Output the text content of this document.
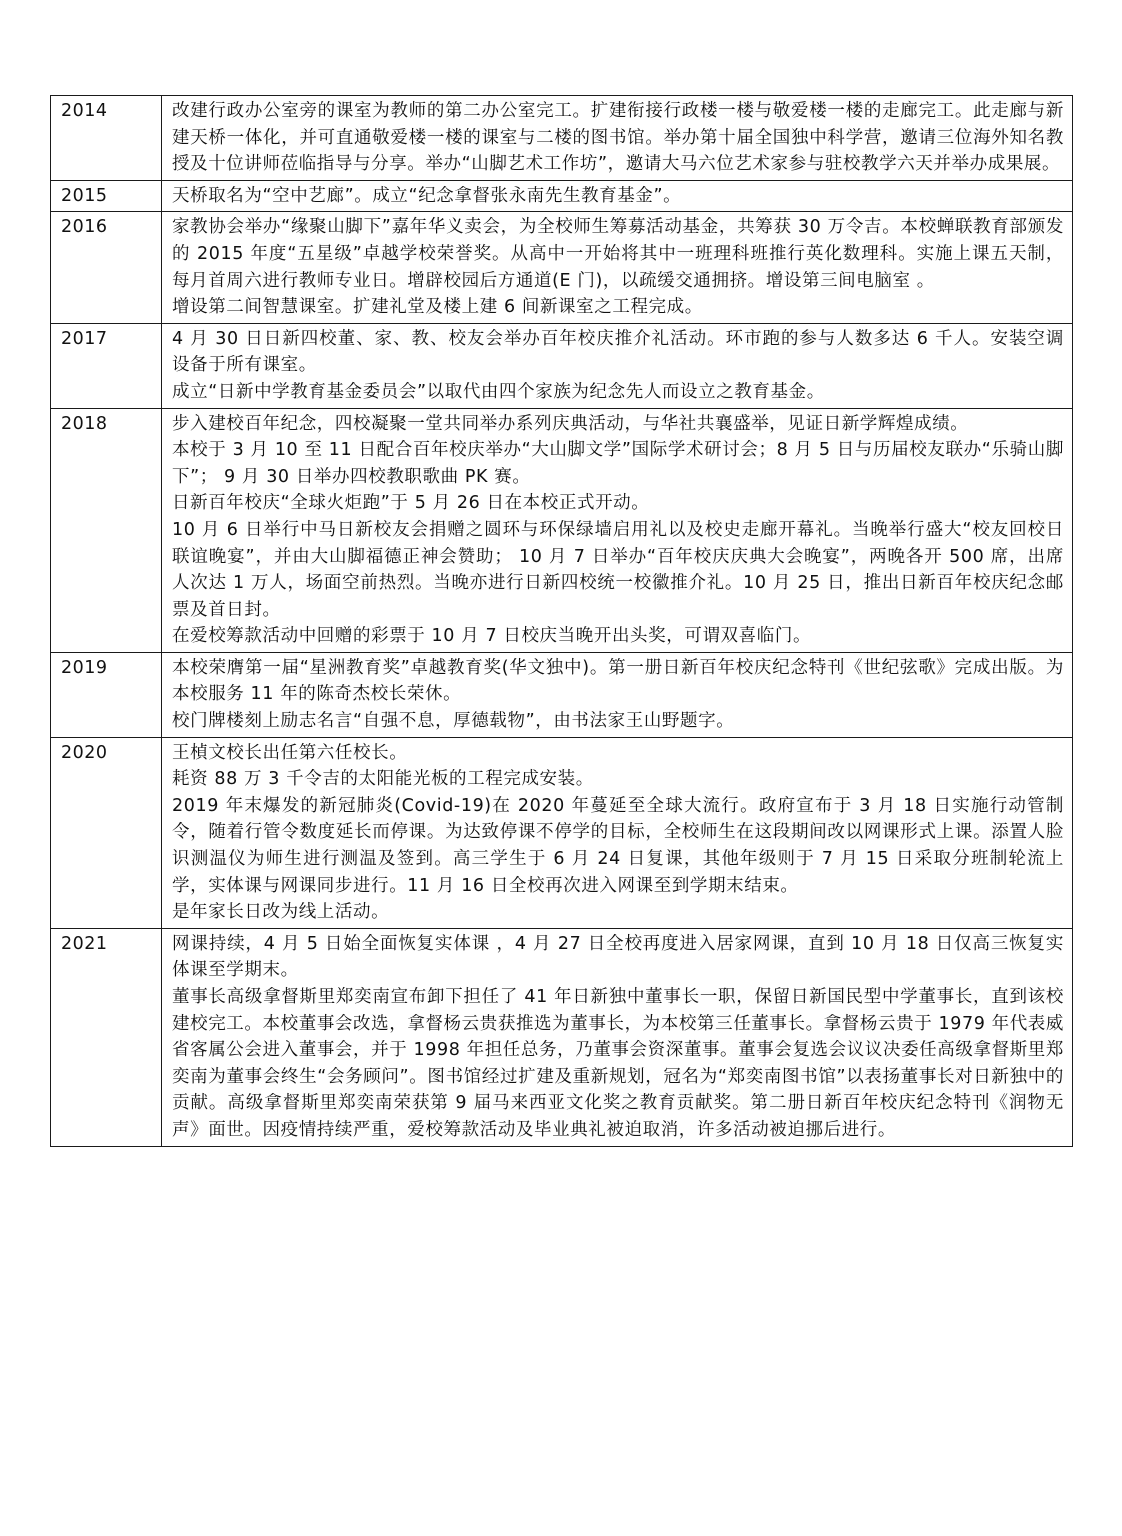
2014	改建行政办公室旁的课室为教师的第二办公室完工。扩建衔接行政楼一楼与敬爱楼一楼的走廊完工。此走廊与新建天桥一体化，并可直通敬爱楼一楼的课室与二楼的图书馆。举办第十届全国独中科学营，邀请三位海外知名教授及十位讲师莅临指导与分享。举办“山脚艺术工作坊”，邀请大马六位艺术家参与驻校教学六天并举办成果展。

2015	天桥取名为“空中艺廊”。成立“纪念拿督张永南先生教育基金”。

2016	家教协会举办“缘聚山脚下”嘉年华义卖会，为全校师生筹募活动基金，共筹获 30 万令吉。本校蝉联教育部颁发的 2015 年度“五星级”卓越学校荣誉奖。从高中一开始将其中一班理科班推行英化数理科。实施上课五天制，每月首周六进行教师专业日。增辟校园后方通道(E 门)，以疏缓交通拥挤。增设第三间电脑室 。
增设第二间智慧课室。扩建礼堂及楼上建 6 间新课室之工程完成。

2017	4 月 30 日日新四校董、家、教、校友会举办百年校庆推介礼活动。环市跑的参与人数多达 6 千人。安装空调设备于所有课室。
成立“日新中学教育基金委员会”以取代由四个家族为纪念先人而设立之教育基金。

2018	步入建校百年纪念，四校凝聚一堂共同举办系列庆典活动，与华社共襄盛举，见证日新学辉煌成绩。
本校于 3 月 10 至 11 日配合百年校庆举办“大山脚文学”国际学术研讨会；8 月 5 日与历届校友联办“乐骑山脚下”； 9 月 30 日举办四校教职歌曲 PK 赛。
日新百年校庆“全球火炬跑”于 5 月 26 日在本校正式开动。
10 月 6 日举行中马日新校友会捐赠之圆环与环保绿墙启用礼以及校史走廊开幕礼。当晚举行盛大“校友回校日联谊晚宴”，并由大山脚福德正神会赞助； 10 月 7 日举办“百年校庆庆典大会晚宴”，两晚各开 500 席，出席人次达 1 万人，场面空前热烈。当晚亦进行日新四校统一校徽推介礼。10 月 25 日，推出日新百年校庆纪念邮票及首日封。
在爱校筹款活动中回赠的彩票于 10 月 7 日校庆当晚开出头奖，可谓双喜临门。

2019	本校荣膺第一届“星洲教育奖”卓越教育奖(华文独中)。第一册日新百年校庆纪念特刊《世纪弦歌》完成出版。为本校服务 11 年的陈奇杰校长荣休。
校门牌楼刻上励志名言“自强不息，厚德载物”，由书法家王山野题字。

2020	王楨文校长出任第六任校长。
耗资 88 万 3 千令吉的太阳能光板的工程完成安装。
2019 年末爆发的新冠肺炎(Covid-19)在 2020 年蔓延至全球大流行。政府宣布于 3 月 18 日实施行动管制令，随着行管令数度延长而停课。为达致停课不停学的目标，全校师生在这段期间改以网课形式上课。添置人脸识测温仪为师生进行测温及签到。高三学生于 6 月 24 日复课，其他年级则于 7 月 15 日采取分班制轮流上学，实体课与网课同步进行。11 月 16 日全校再次进入网课至到学期末结束。
是年家长日改为线上活动。

2021	网课持续，4 月 5 日始全面恢复实体课 ，4 月 27 日全校再度进入居家网课，直到 10 月 18 日仅高三恢复实体课至学期末。
董事长高级拿督斯里郑奕南宣布卸下担任了 41 年日新独中董事长一职，保留日新国民型中学董事长，直到该校建校完工。本校董事会改选，拿督杨云贵获推选为董事长，为本校第三任董事长。拿督杨云贵于 1979 年代表威省客属公会进入董事会，并于 1998 年担任总务，乃董事会资深董事。董事会复选会议议决委任高级拿督斯里郑奕南为董事会终生“会务顾问”。图书馆经过扩建及重新规划，冠名为“郑奕南图书馆”以表扬董事长对日新独中的贡献。高级拿督斯里郑奕南荣获第 9 届马来西亚文化奖之教育贡献奖。第二册日新百年校庆纪念特刊《润物无声》面世。因疫情持续严重，爱校筹款活动及毕业典礼被迫取消，许多活动被迫挪后进行。
